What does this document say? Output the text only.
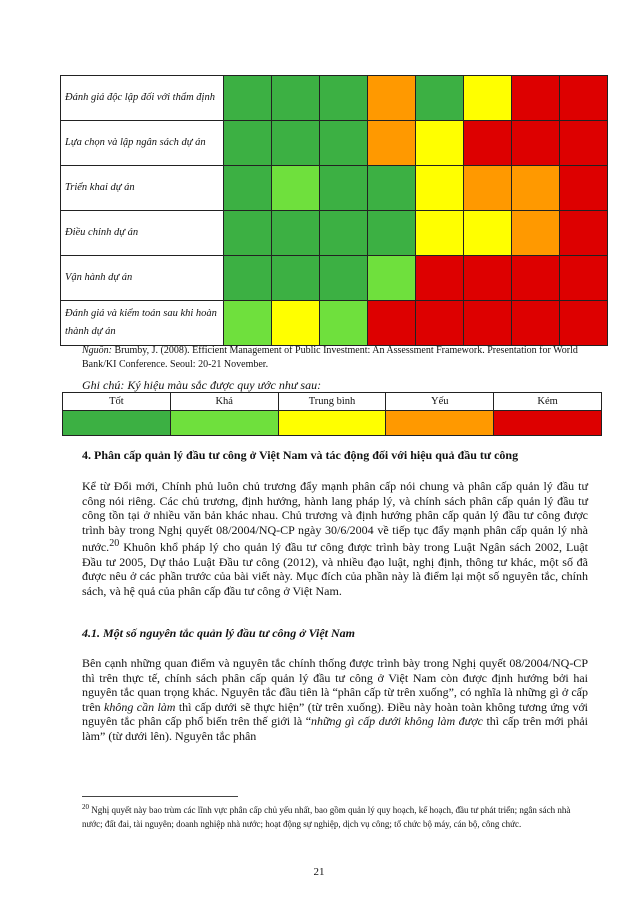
Đánh giá độc lập đối với thẩm định								
Lựa chọn và lập ngân sách dự án								
Triển khai dự án								
Điều chỉnh dự án								
Vận hành dự án								
Đánh giá và kiểm toán sau khi hoàn thành dự án								
Nguồn: Brumby, J. (2008). Efficient Management of Public Investment: An Assessment Framework. Presentation for World Bank/KI Conference. Seoul: 20-21 November.
Ghi chú: Ký hiệu màu sắc được quy ước như sau:
Tốt	Khá	Trung bình	Yếu	Kém

4. Phân cấp quản lý đầu tư công ở Việt Nam và tác động đối với hiệu quả đầu tư công

Kể từ Đổi mới, Chính phủ luôn chủ trương đẩy mạnh phân cấp nói chung và phân cấp quản lý đầu tư công nói riêng. Các chủ trương, định hướng, hành lang pháp lý, và chính sách phân cấp quản lý đầu tư công tồn tại ở nhiều văn bản khác nhau. Chủ trương và định hướng phân cấp quản lý đầu tư công được trình bày trong Nghị quyết 08/2004/NQ-CP ngày 30/6/2004 về tiếp tục đẩy mạnh phân cấp quản lý nhà nước.$^{20}$ Khuôn khổ pháp lý cho quản lý đầu tư công được trình bày trong Luật Ngân sách 2002, Luật Đầu tư 2005, Dự thảo Luật Đầu tư công (2012), và nhiều đạo luật, nghị định, thông tư khác, một số đã được nêu ở các phần trước của bài viết này. Mục đích của phần này là điểm lại một số nguyên tắc, chính sách, và hệ quả của phân cấp đầu tư công ở Việt Nam.

4.1. Một số nguyên tắc quản lý đầu tư công ở Việt Nam

Bên cạnh những quan điểm và nguyên tắc chính thống được trình bày trong Nghị quyết 08/2004/NQ-CP thì trên thực tế, chính sách phân cấp quản lý đầu tư công ở Việt Nam còn được định hướng bởi hai nguyên tắc quan trọng khác. Nguyên tắc đầu tiên là “phân cấp từ trên xuống”, có nghĩa là những gì ở cấp trên không cần làm thì cấp dưới sẽ thực hiện” (từ trên xuống). Điều này hoàn toàn không tương ứng với nguyên tắc phân cấp phổ biến trên thế giới là “những gì cấp dưới không làm được thì cấp trên mới phải làm” (từ dưới lên). Nguyên tắc phân

$^{20}$ Nghị quyết này bao trùm các lĩnh vực phân cấp chủ yếu nhất, bao gồm quản lý quy hoạch, kế hoạch, đầu tư phát triển; ngân sách nhà nước; đất đai, tài nguyên; doanh nghiệp nhà nước; hoạt động sự nghiệp, dịch vụ công; tổ chức bộ máy, cán bộ, công chức.

21
